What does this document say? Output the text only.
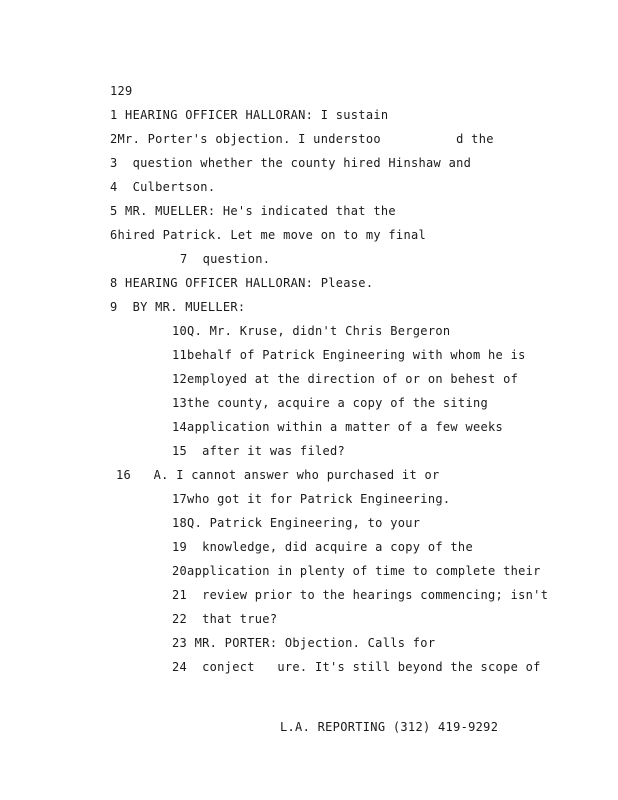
129
1 HEARING OFFICER HALLORAN: I sustain
2Mr. Porter's objection. I understoo          d the
3  question whether the county hired Hinshaw and
4  Culbertson.
5 MR. MUELLER: He's indicated that the
6hired Patrick. Let me move on to my final
7  question.
8 HEARING OFFICER HALLORAN: Please.
9  BY MR. MUELLER:
10Q. Mr. Kruse, didn't Chris Bergeron
11behalf of Patrick Engineering with whom he is
12employed at the direction of or on behest of
13the county, acquire a copy of the siting
14application within a matter of a few weeks
15  after it was filed?
16   A. I cannot answer who purchased it or
17who got it for Patrick Engineering.
18Q. Patrick Engineering, to your
19  knowledge, did acquire a copy of the
20application in plenty of time to complete their
21  review prior to the hearings commencing; isn't
22  that true?
23 MR. PORTER: Objection. Calls for
24  conject   ure. It's still beyond the scope of
L.A. REPORTING (312) 419-9292
